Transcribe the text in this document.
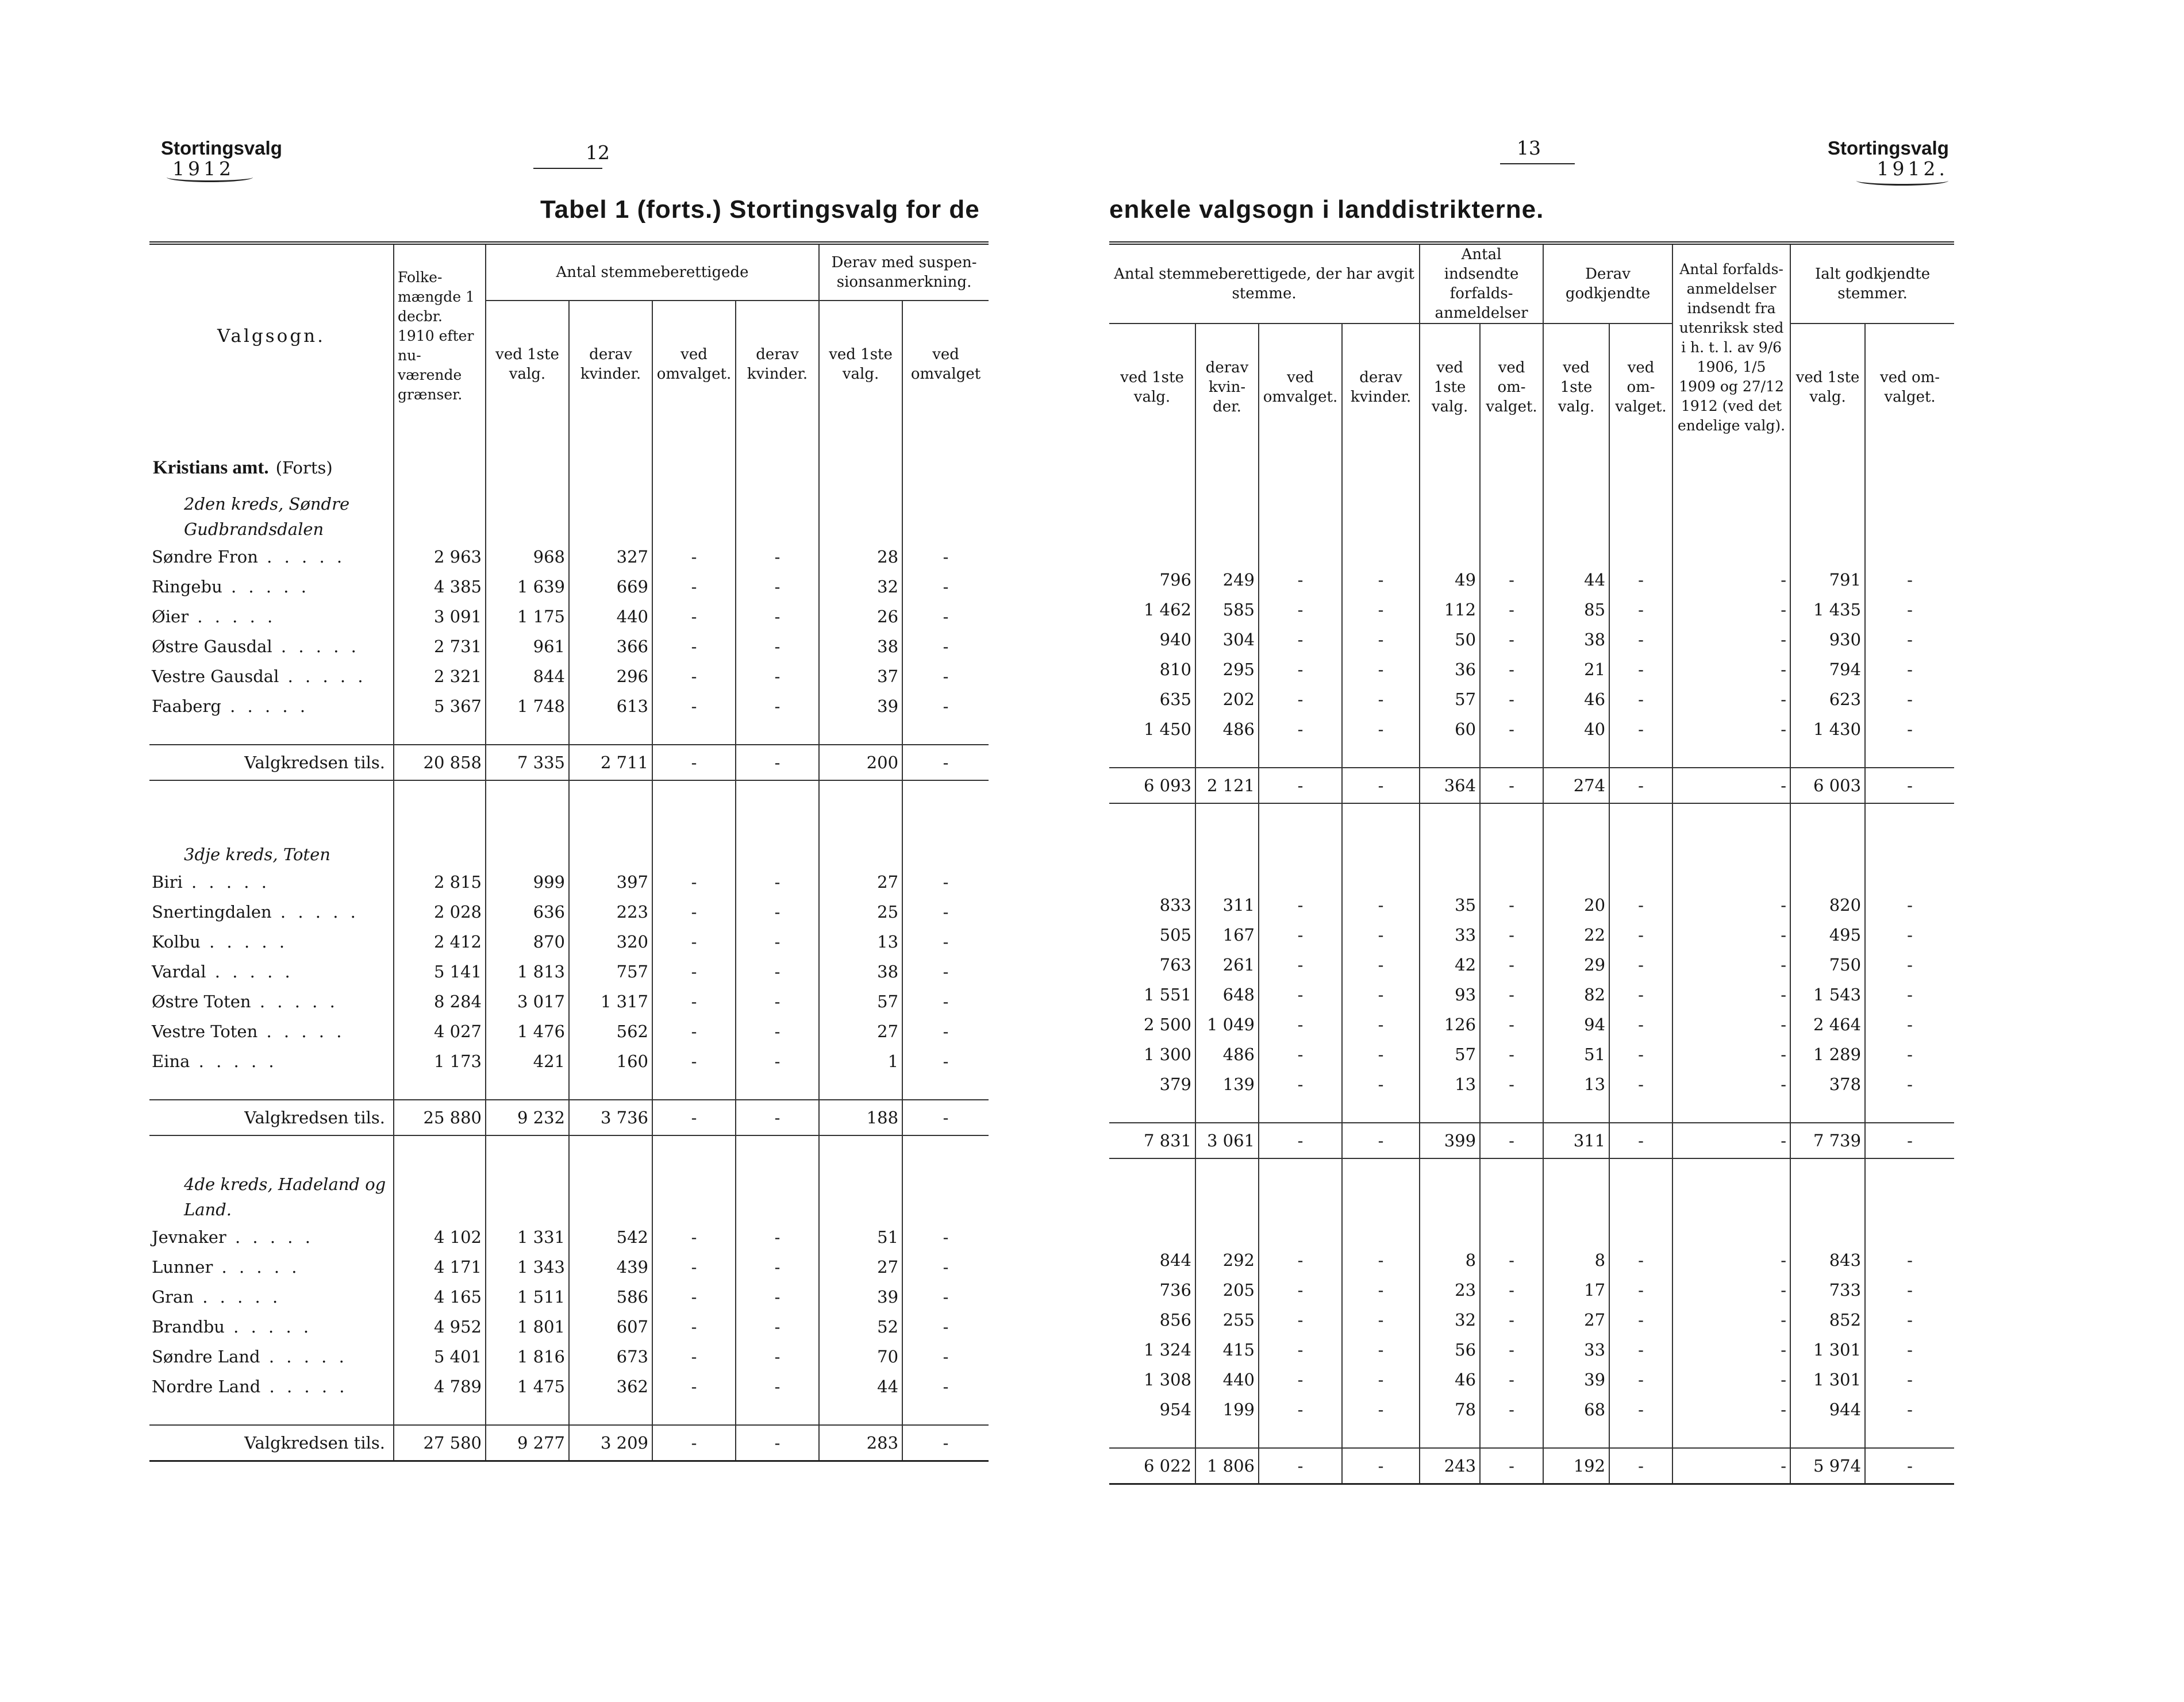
Stortingsvalg
1912
12	13	Stortingsvalg
1912.
Tabel 1 (forts.) Stortingsvalg for de	enkele valgsogn i landdistrikterne.
Valgsogn.	Folke-mængde 1 decbr. 1910 efter nu-værende grænser.	Antal stemmeberettigede				Derav med suspen-sionsanmerkning.	
		ved 1ste valg.	derav kvinder.	ved omvalget.	derav kvinder.	ved 1ste valg.	ved omvalget
Kristians amt. (Forts)							
2den kreds, Søndre Gudbrandsdalen							
Søndre Fron . . . . .	2 963	968	327	-	-	28	-
Ringebu . . . . .	4 385	1 639	669	-	-	32	-
Øier . . . . .	3 091	1 175	440	-	-	26	-
Østre Gausdal . . . . .	2 731	961	366	-	-	38	-
Vestre Gausdal . . . . .	2 321	844	296	-	-	37	-
Faaberg . . . . .	5 367	1 748	613	-	-	39	-

Valgkredsen tils.	20 858	7 335	2 711	-	-	200	-
3dje kreds, Toten							
Biri . . . . .	2 815	999	397	-	-	27	-
Snertingdalen . . . . .	2 028	636	223	-	-	25	-
Kolbu . . . . .	2 412	870	320	-	-	13	-
Vardal . . . . .	5 141	1 813	757	-	-	38	-
Østre Toten . . . . .	8 284	3 017	1 317	-	-	57	-
Vestre Toten . . . . .	4 027	1 476	562	-	-	27	-
Eina . . . . .	1 173	421	160	-	-	1	-

Valgkredsen tils.	25 880	9 232	3 736	-	-	188	-
4de kreds, Hadeland og Land.							
Jevnaker . . . . .	4 102	1 331	542	-	-	51	-
Lunner . . . . .	4 171	1 343	439	-	-	27	-
Gran . . . . .	4 165	1 511	586	-	-	39	-
Brandbu . . . . .	4 952	1 801	607	-	-	52	-
Søndre Land . . . . .	5 401	1 816	673	-	-	70	-
Nordre Land . . . . .	4 789	1 475	362	-	-	44	-

Valgkredsen tils.	27 580	9 277	3 209	-	-	283	-
Antal stemmeberettigede, der har avgit stemme.				Antal indsendte forfalds-anmeldelser		Derav godkjendte		Antal forfalds-anmeldelser indsendt fra utenriksk sted i h. t. l. av 9/6 1906, 1/5 1909 og 27/12 1912 (ved det endelige valg).	Ialt godkjendte stemmer.	
ved 1ste valg.	derav kvin-der.	ved omvalget.	derav kvinder.	ved 1ste valg.	ved om-valget.	ved 1ste valg.	ved om-valget.		ved 1ste valg.	ved om-valget.

796	249	-	-	49	-	44	-	-	791	-
1 462	585	-	-	112	-	85	-	-	1 435	-
940	304	-	-	50	-	38	-	-	930	-
810	295	-	-	36	-	21	-	-	794	-
635	202	-	-	57	-	46	-	-	623	-
1 450	486	-	-	60	-	40	-	-	1 430	-

6 093	2 121	-	-	364	-	274	-	-	6 003	-

833	311	-	-	35	-	20	-	-	820	-
505	167	-	-	33	-	22	-	-	495	-
763	261	-	-	42	-	29	-	-	750	-
1 551	648	-	-	93	-	82	-	-	1 543	-
2 500	1 049	-	-	126	-	94	-	-	2 464	-
1 300	486	-	-	57	-	51	-	-	1 289	-
379	139	-	-	13	-	13	-	-	378	-

7 831	3 061	-	-	399	-	311	-	-	7 739	-

844	292	-	-	8	-	8	-	-	843	-
736	205	-	-	23	-	17	-	-	733	-
856	255	-	-	32	-	27	-	-	852	-
1 324	415	-	-	56	-	33	-	-	1 301	-
1 308	440	-	-	46	-	39	-	-	1 301	-
954	199	-	-	78	-	68	-	-	944	-

6 022	1 806	-	-	243	-	192	-	-	5 974	-
